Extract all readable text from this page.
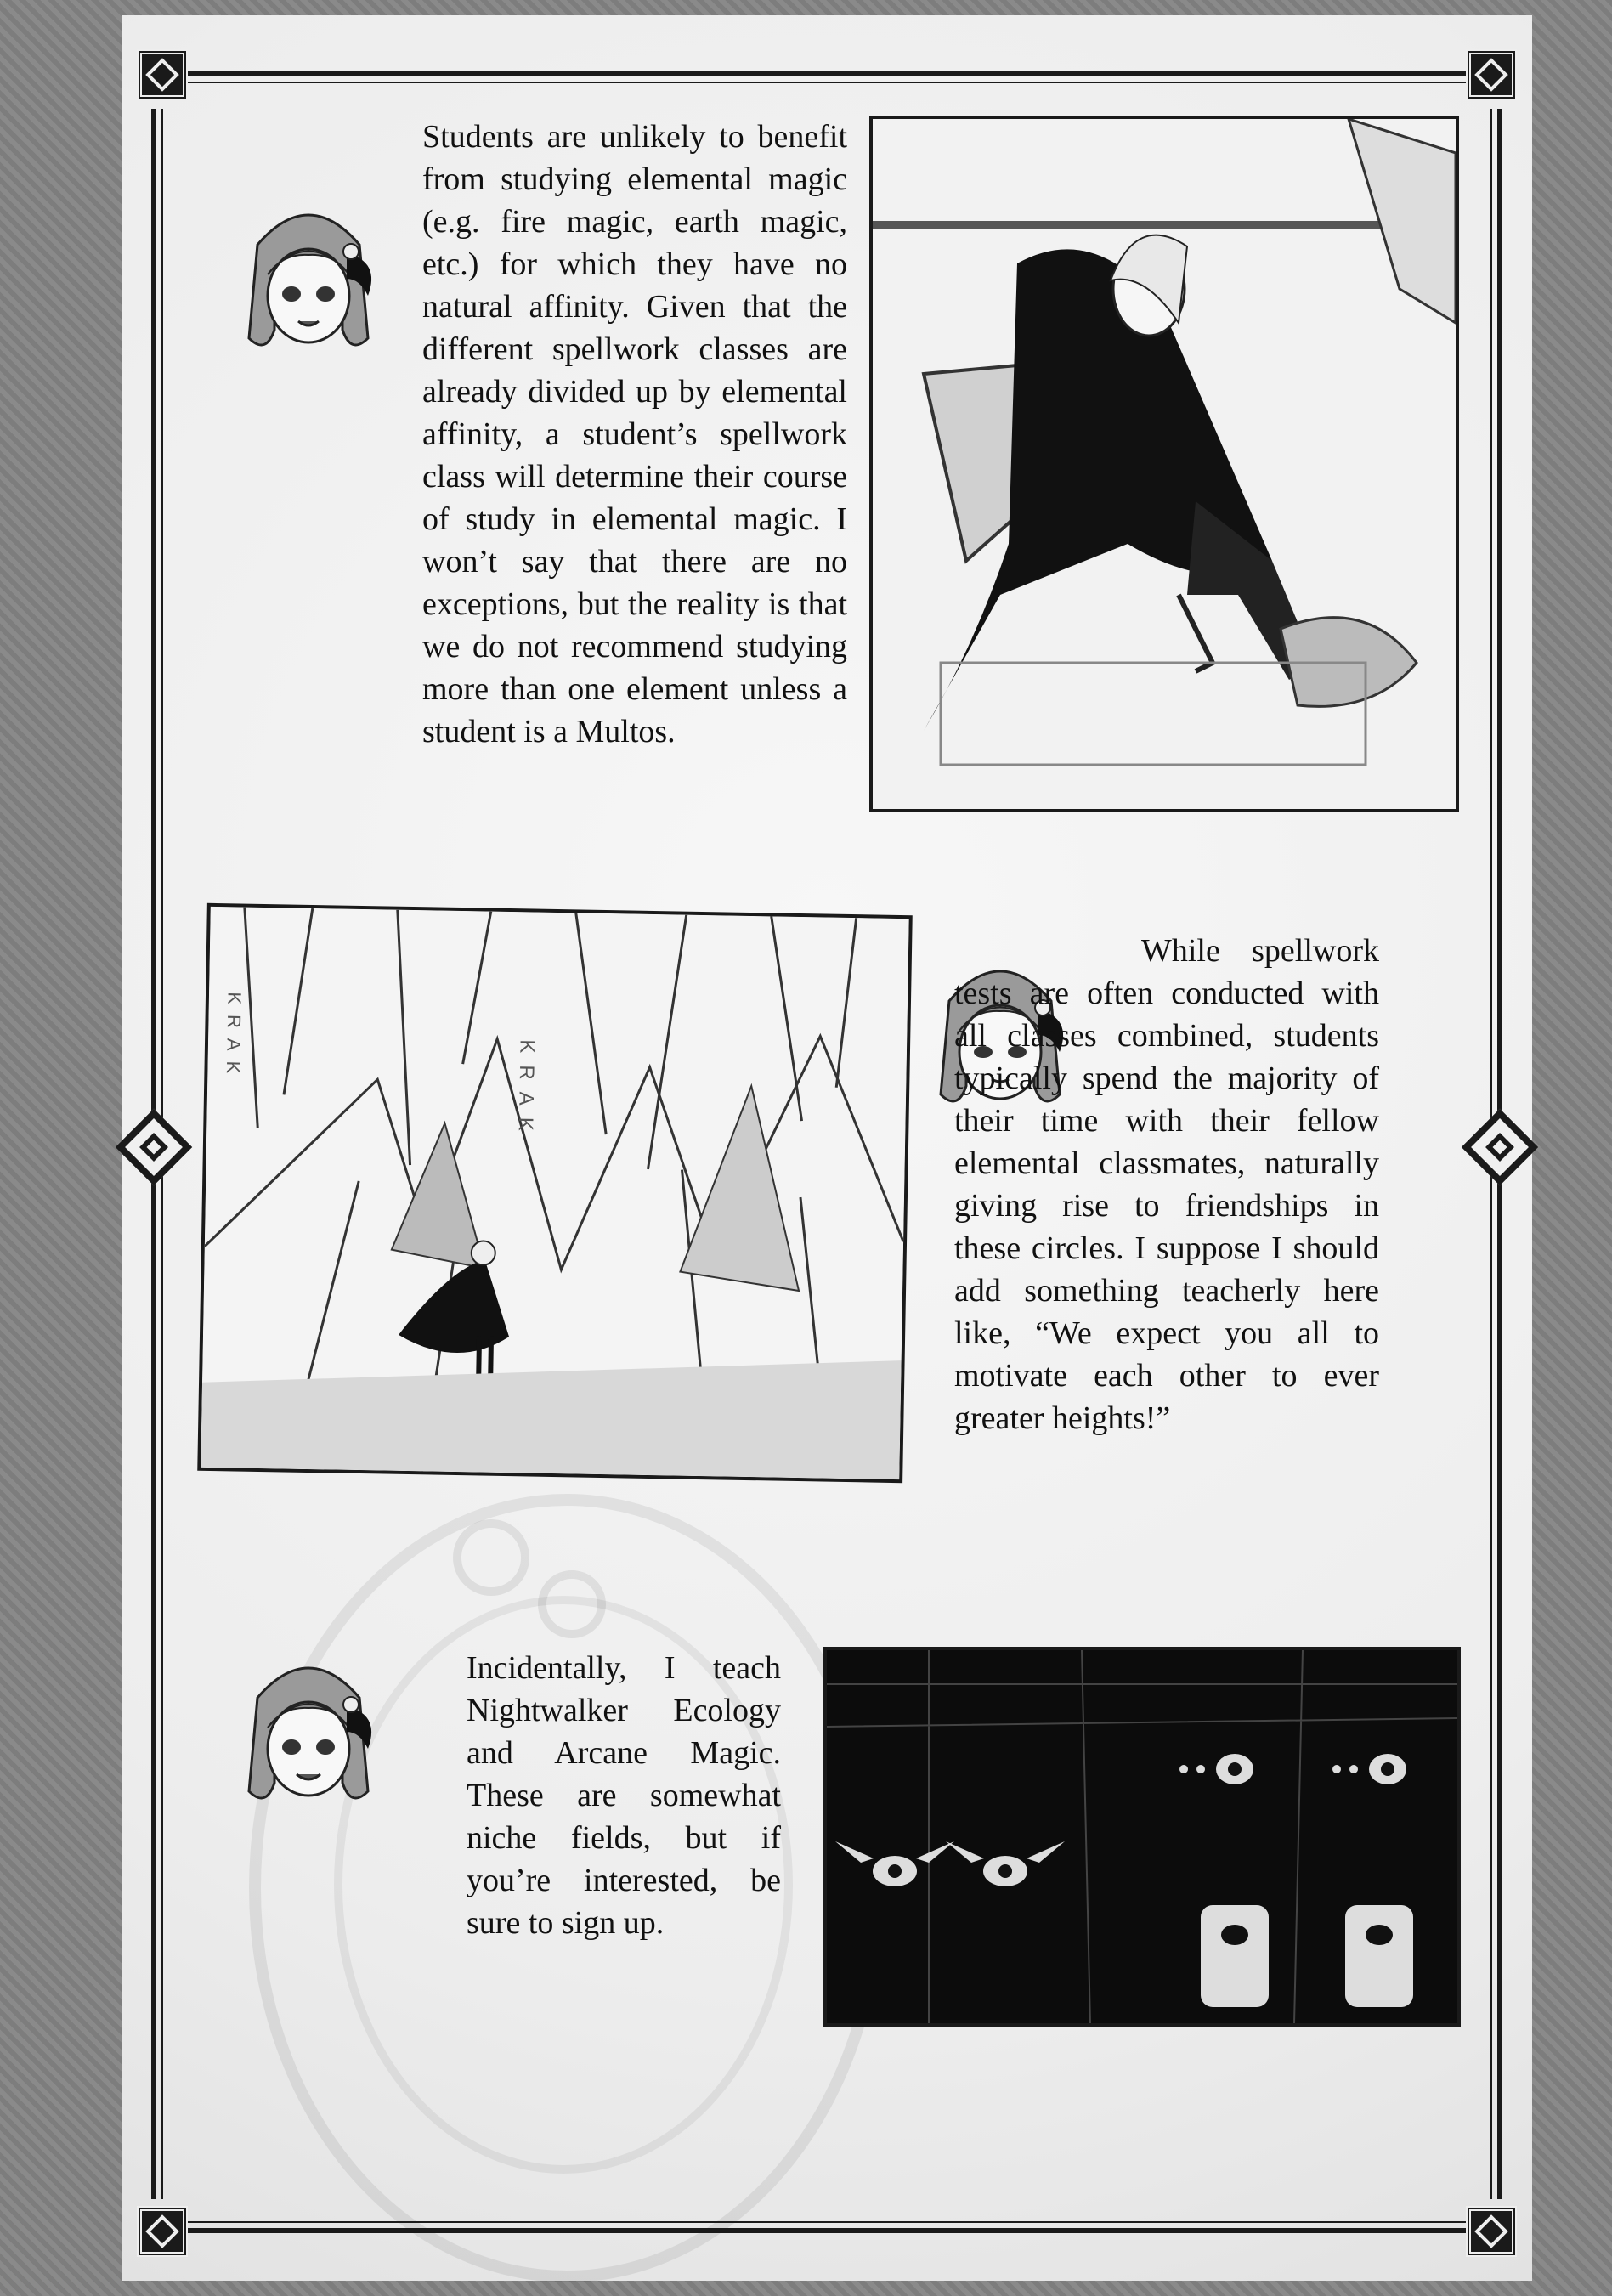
Students are unlikely to benefit from studying elemental magic (e.g. fire magic, earth magic, etc.) for which they have no natural affinity. Given that the different spellwork classes are already divided up by elemental affinity, a student’s spellwork class will determine their course of study in elemental magic. I won’t say that there are no exceptions, but the reality is that we do not recommend studying more than one element unless a student is a Multos.
KRAK
KRAK
While spellwork tests are often conducted with all classes combined, students typically spend the majority of their time with their fellow elemental classmates, naturally giving rise to friendships in these circles. I suppose I should add something teacherly here like, “We expect you all to motivate each other to ever greater heights!”
Incidentally, I teach Nightwalker Ecology and Arcane Magic. These are somewhat niche fields, but if you’re interested, be sure to sign up.
